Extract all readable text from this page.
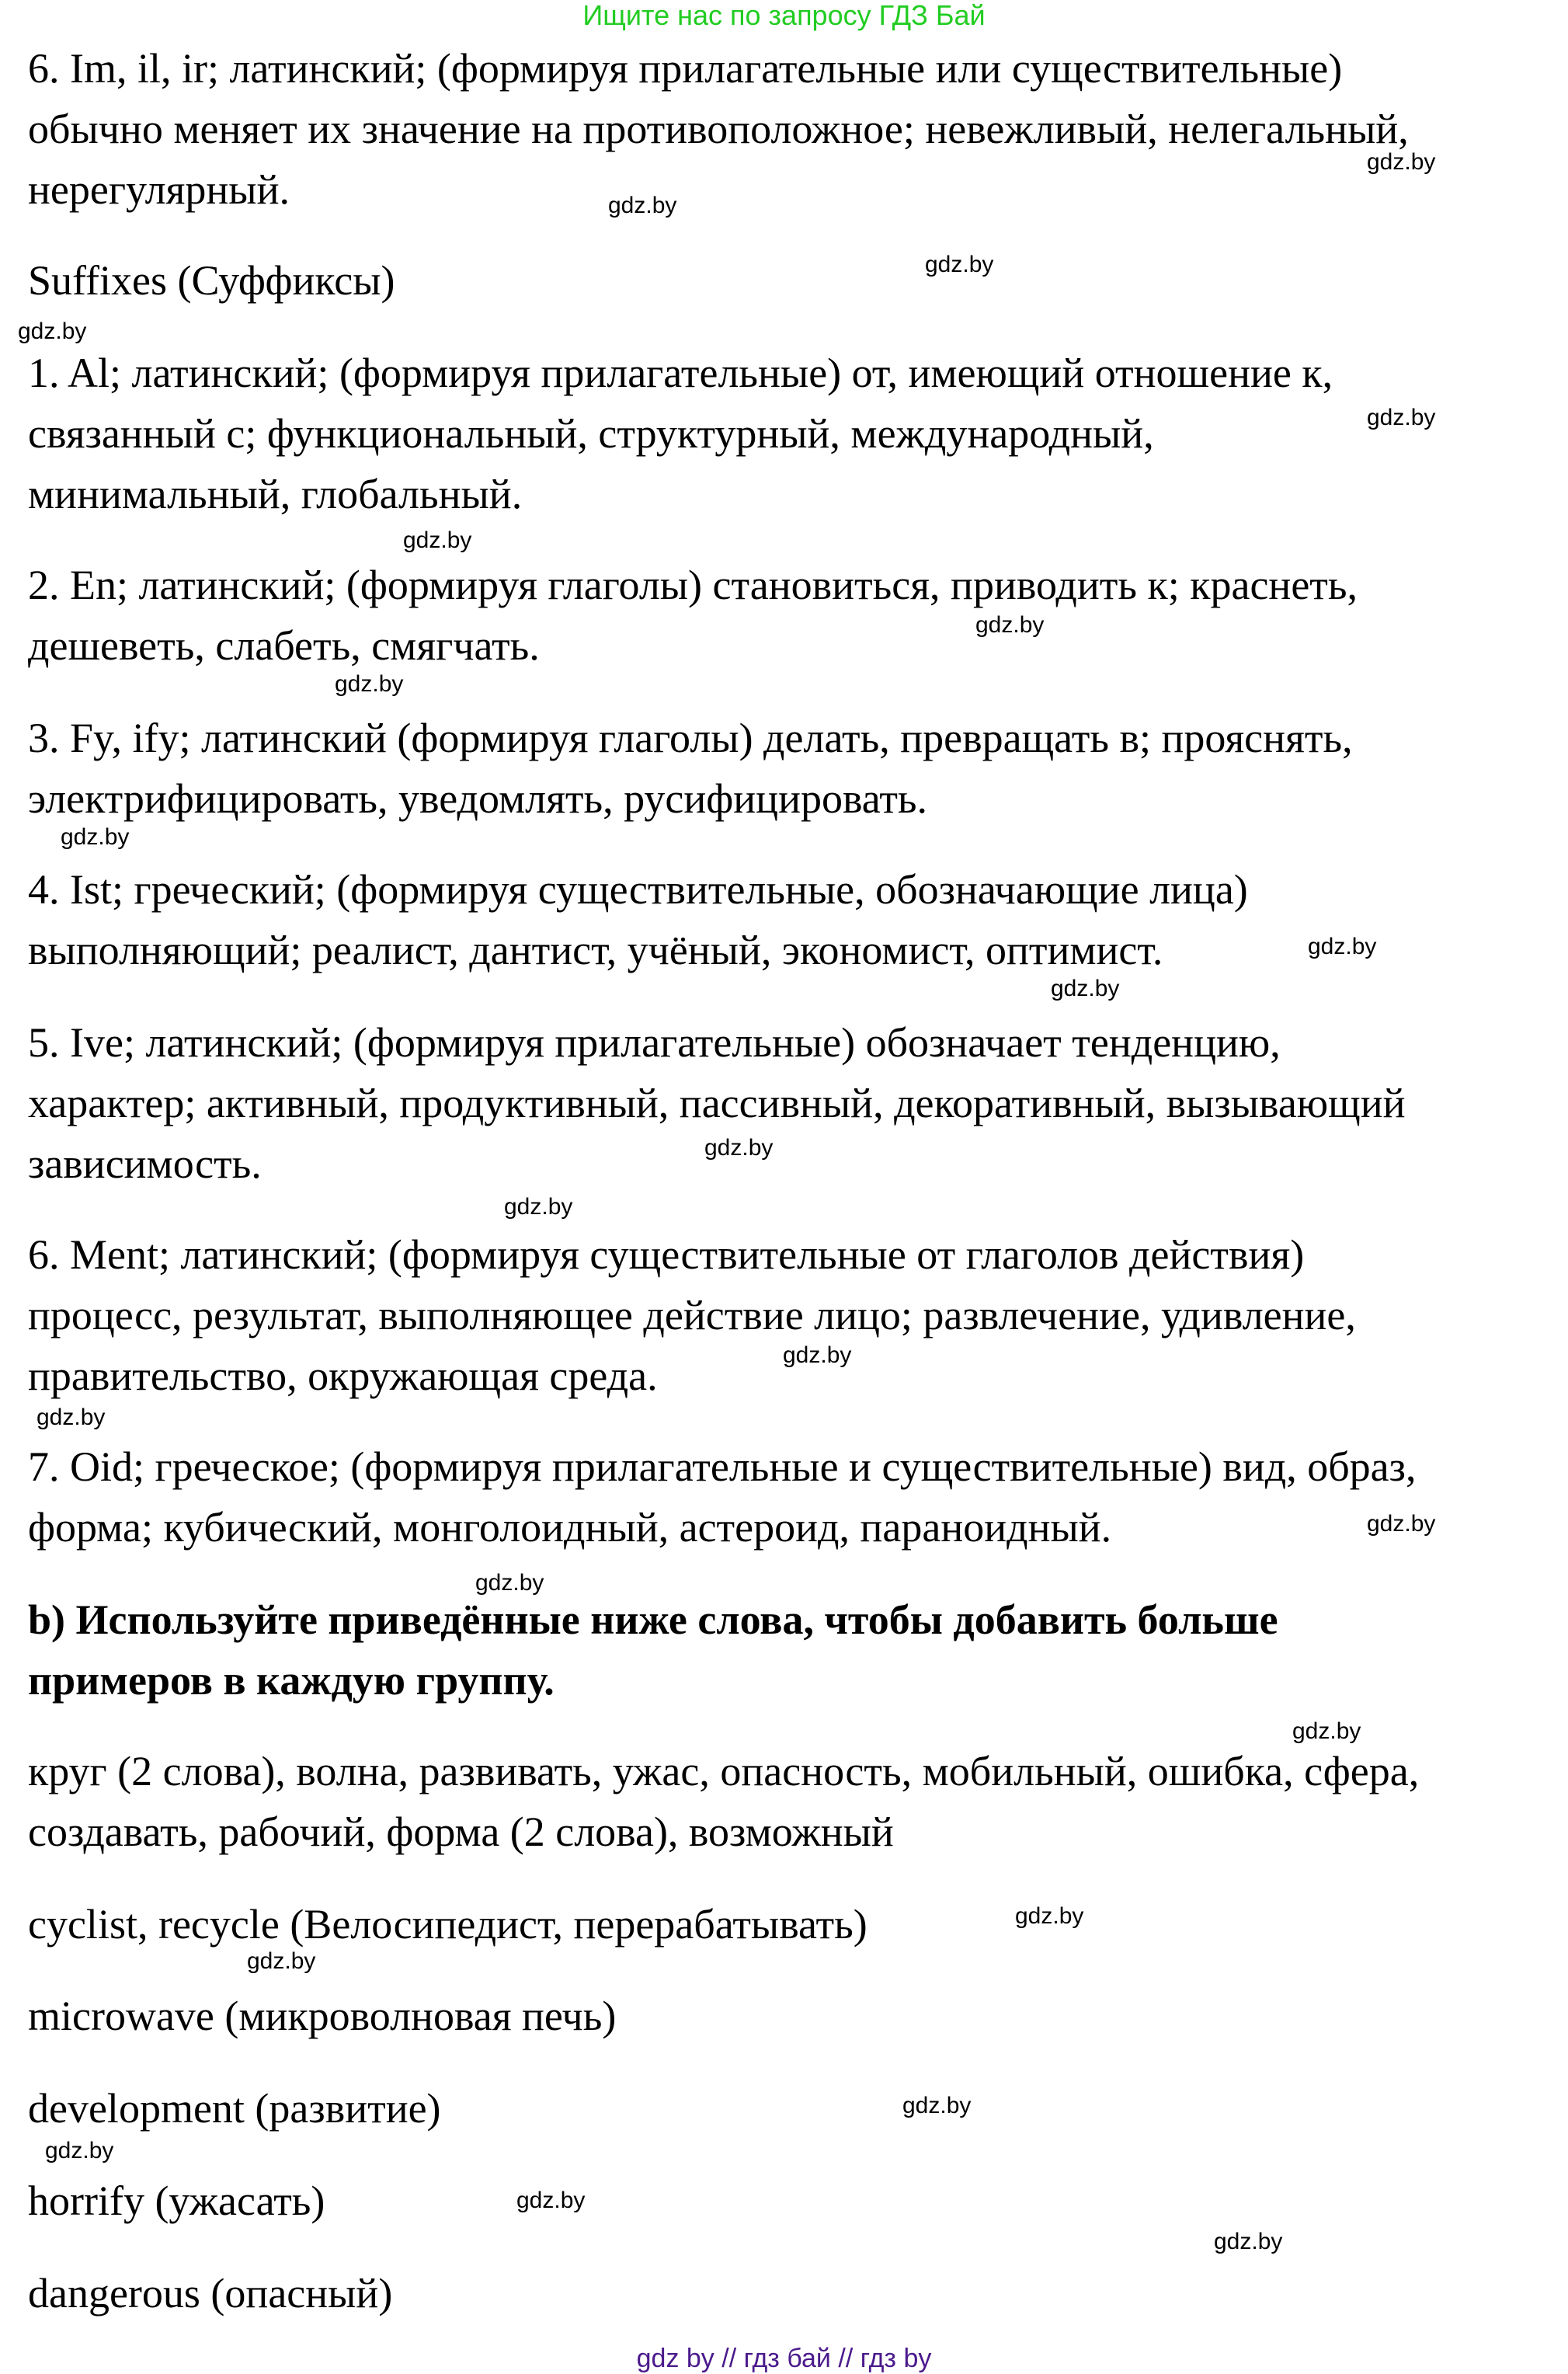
Ищите нас по запросу ГДЗ Бай
6. Im, il, ir; латинский; (формируя прилагательные или существительные)
обычно меняет их значение на противоположное; невежливый, нелегальный,
нерегулярный.
Suffixes (Суффиксы)
1. Al; латинский; (формируя прилагательные) от, имеющий отношение к,
связанный с; функциональный, структурный, международный,
минимальный, глобальный.
2. En; латинский; (формируя глаголы) становиться, приводить к; краснеть,
дешеветь, слабеть, смягчать.
3. Fy, ify; латинский (формируя глаголы) делать, превращать в; прояснять,
электрифицировать, уведомлять, русифицировать.
4. Ist; греческий; (формируя существительные, обозначающие лица)
выполняющий; реалист, дантист, учёный, экономист, оптимист.
5. Ive; латинский; (формируя прилагательные) обозначает тенденцию,
характер; активный, продуктивный, пассивный, декоративный, вызывающий
зависимость.
6. Ment; латинский; (формируя существительные от глаголов действия)
процесс, результат, выполняющее действие лицо; развлечение, удивление,
правительство, окружающая среда.
7. Oid; греческое; (формируя прилагательные и существительные) вид, образ,
форма; кубический, монголоидный, астероид, параноидный.
b) Используйте приведённые ниже слова, чтобы добавить больше
примеров в каждую группу.
круг (2 слова), волна, развивать, ужас, опасность, мобильный, ошибка, сфера,
создавать, рабочий, форма (2 слова), возможный
cyclist, recycle (Велосипедист, перерабатывать)
microwave (микроволновая печь)
development (развитие)
horrify (ужасать)
dangerous (опасный)
gdz.by
gdz.by
gdz.by
gdz.by
gdz.by
gdz.by
gdz.by
gdz.by
gdz.by
gdz.by
gdz.by
gdz.by
gdz.by
gdz.by
gdz.by
gdz.by
gdz.by
gdz.by
gdz.by
gdz.by
gdz.by
gdz.by
gdz.by
gdz.by
gdz by // гдз бай // гдз by
